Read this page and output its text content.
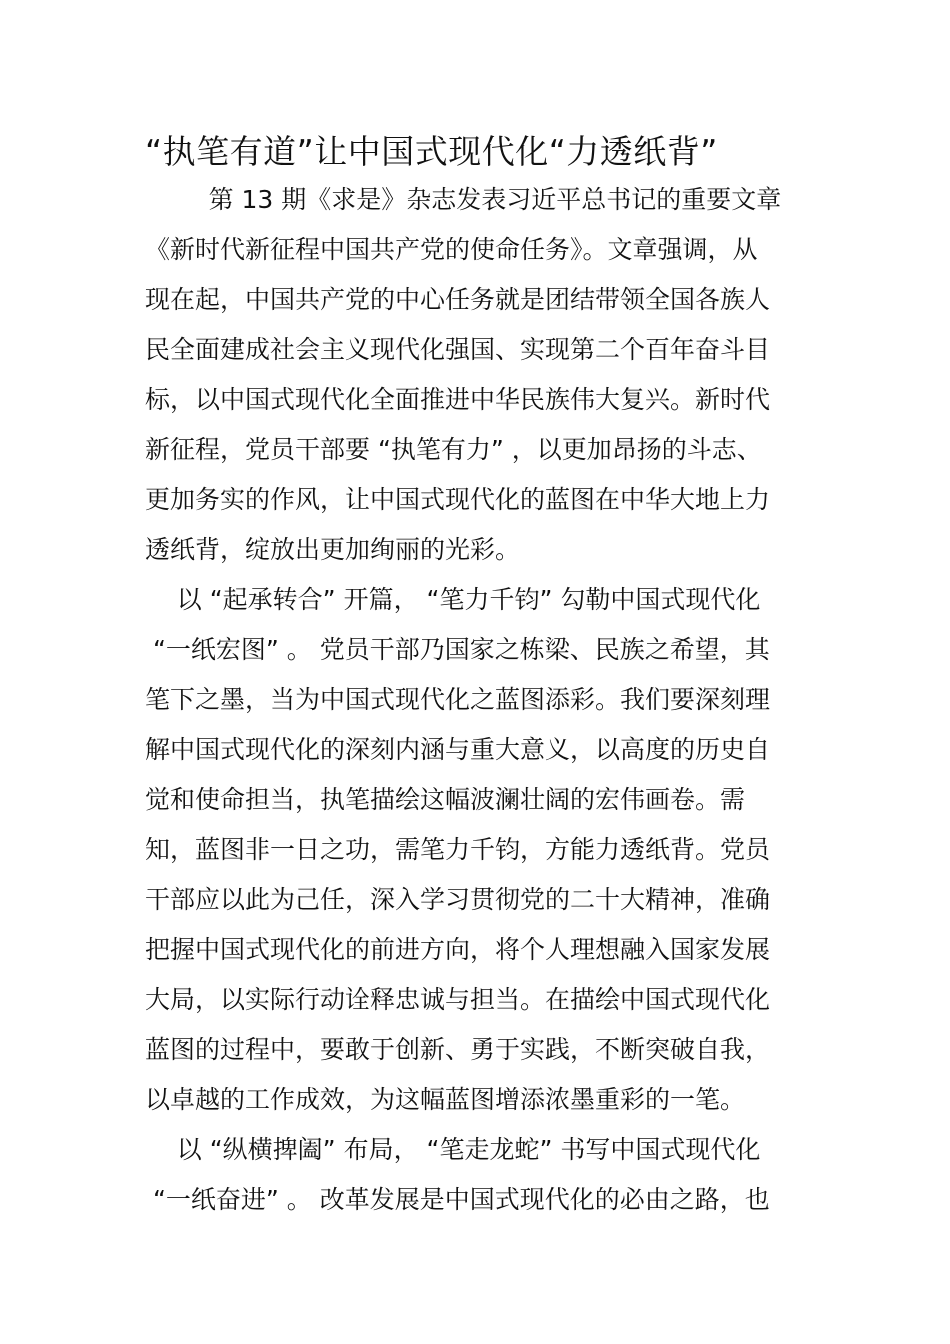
“执笔有道”让中国式现代化“力透纸背”
第 13 期《求是》杂志发表习近平总书记的重要文章
《新时代新征程中国共产党的使命任务》。文章强调，从
现在起，中国共产党的中心任务就是团结带领全国各族人
民全面建成社会主义现代化强国、实现第二个百年奋斗目
标，以中国式现代化全面推进中华民族伟大复兴。新时代
新征程，党员干部要 “执笔有力” ，以更加昂扬的斗志、
更加务实的作风，让中国式现代化的蓝图在中华大地上力
透纸背，绽放出更加绚丽的光彩。
以 “起承转合” 开篇， “笔力千钧” 勾勒中国式现代化
“一纸宏图” 。 党员干部乃国家之栋梁、民族之希望，其
笔下之墨，当为中国式现代化之蓝图添彩。我们要深刻理
解中国式现代化的深刻内涵与重大意义，以高度的历史自
觉和使命担当，执笔描绘这幅波澜壮阔的宏伟画卷。需
知，蓝图非一日之功，需笔力千钧，方能力透纸背。党员
干部应以此为己任，深入学习贯彻党的二十大精神，准确
把握中国式现代化的前进方向，将个人理想融入国家发展
大局，以实际行动诠释忠诚与担当。在描绘中国式现代化
蓝图的过程中，要敢于创新、勇于实践，不断突破自我，
以卓越的工作成效，为这幅蓝图增添浓墨重彩的一笔。
以 “纵横捭阖” 布局， “笔走龙蛇” 书写中国式现代化
“一纸奋进” 。 改革发展是中国式现代化的必由之路，也
